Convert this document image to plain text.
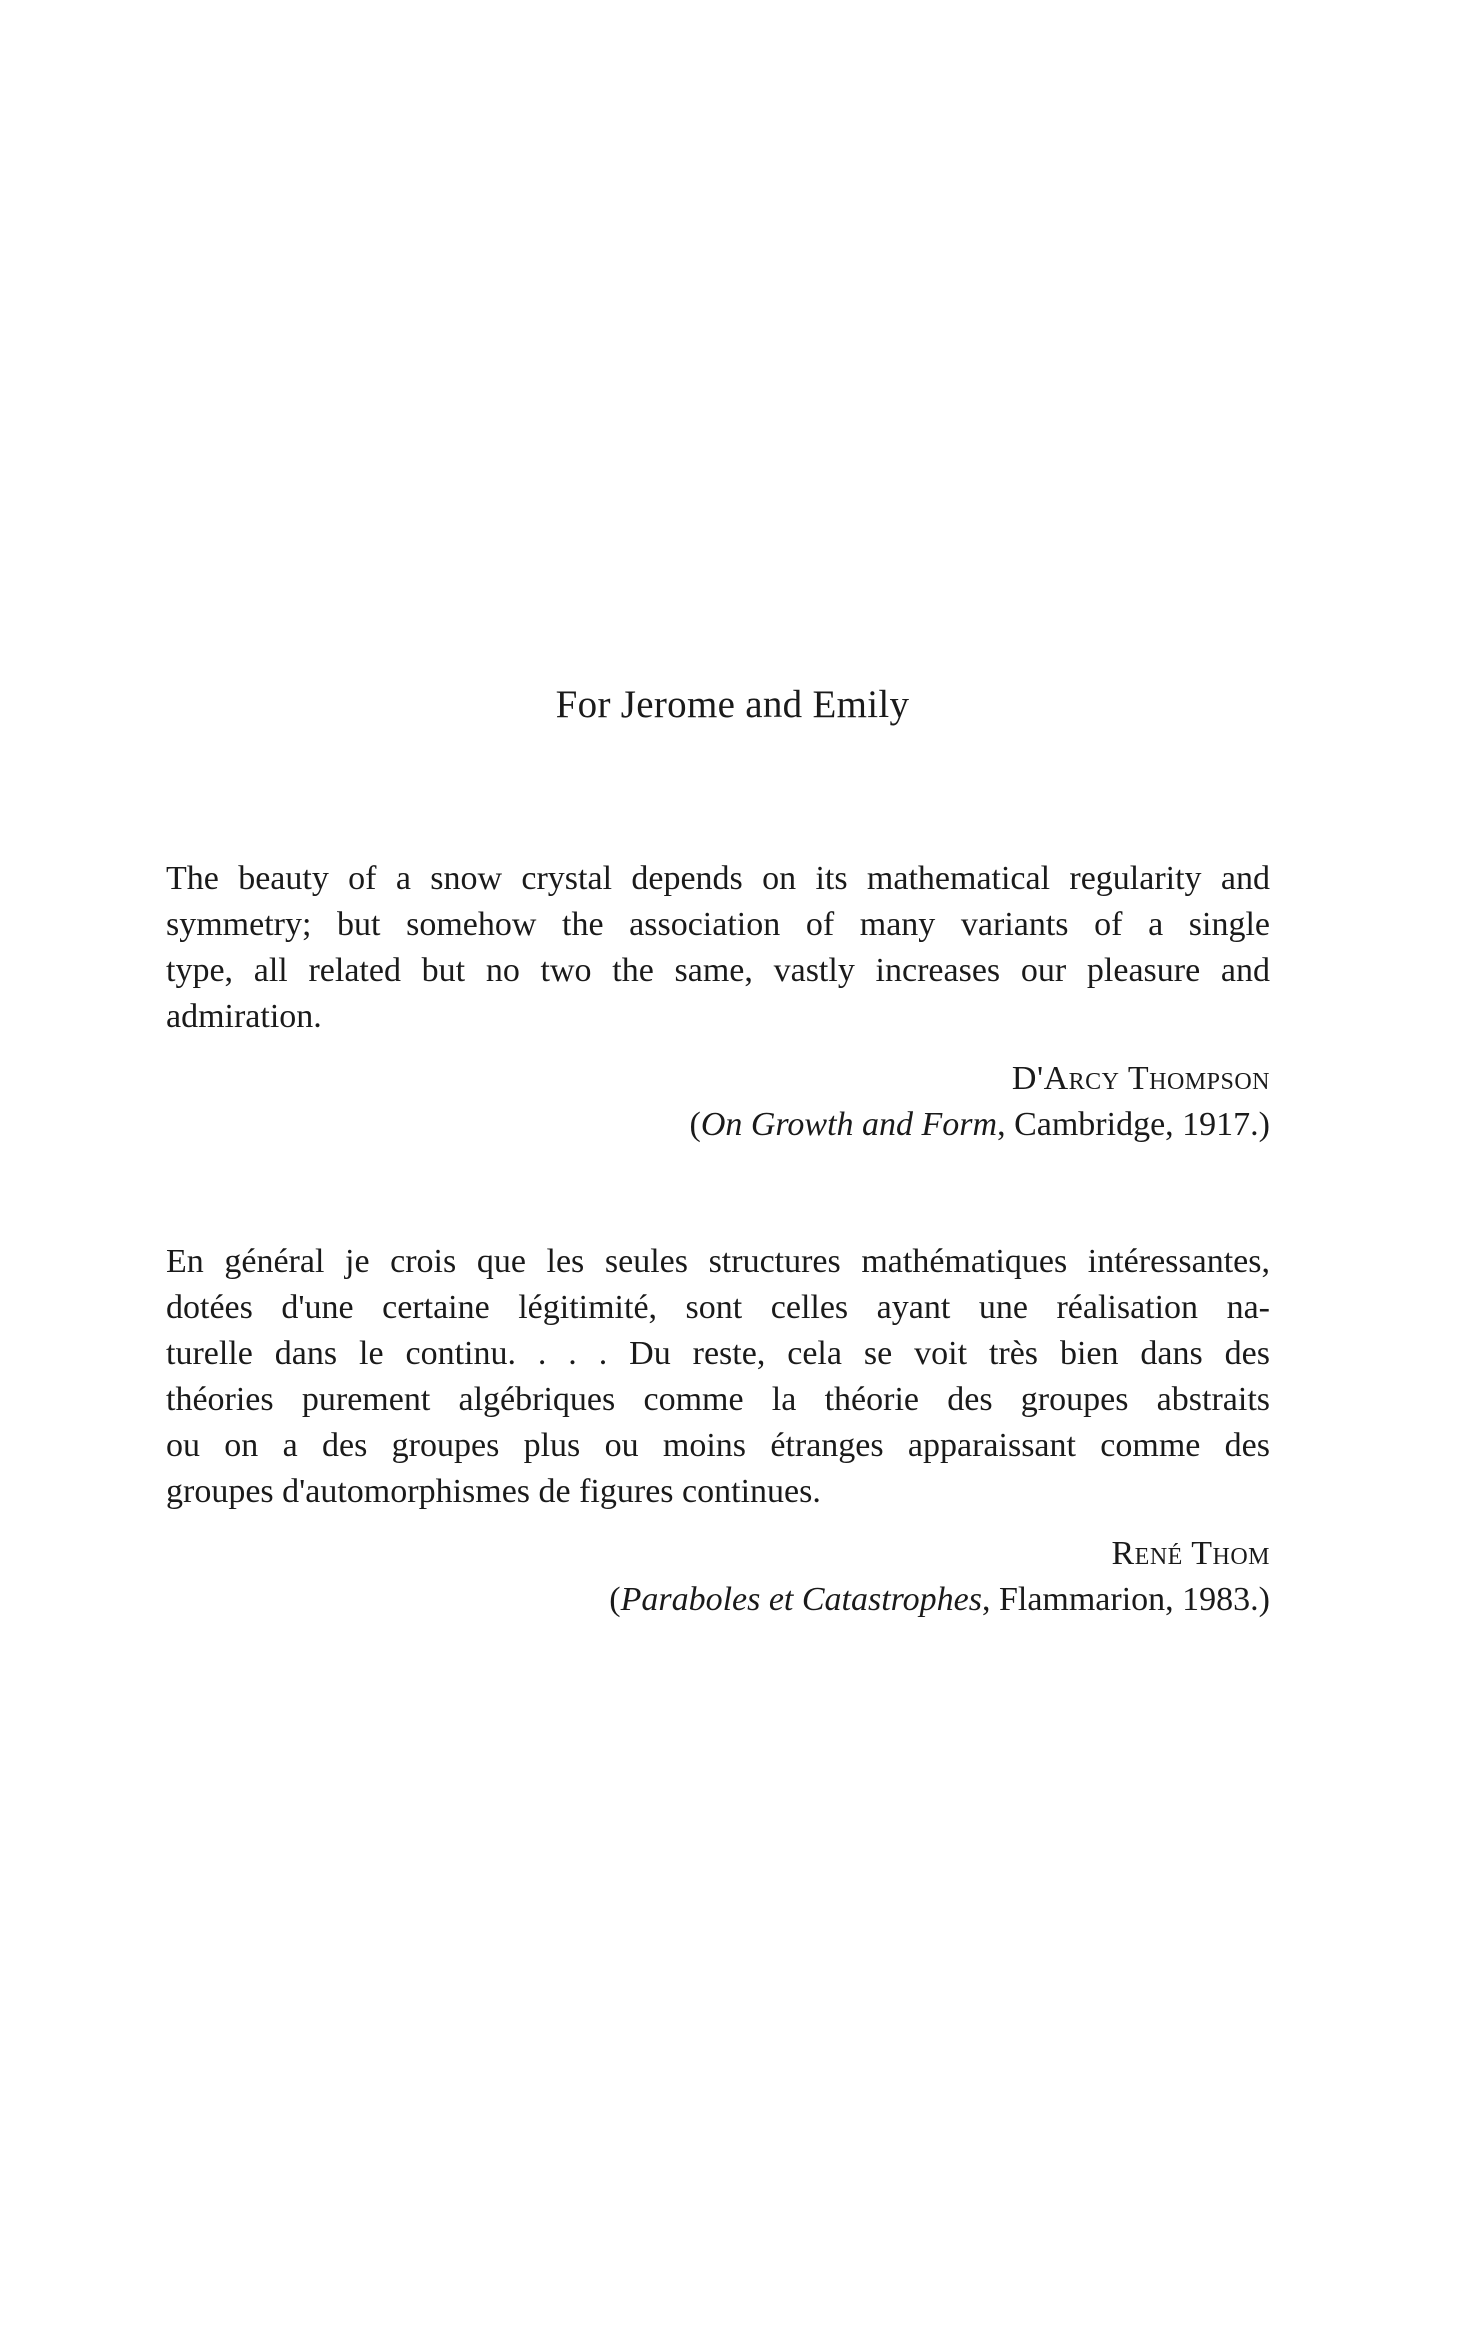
For Jerome and Emily

The beauty of a snow crystal depends on its mathematical regularity and
symmetry; but somehow the association of many variants of a single
type, all related but no two the same, vastly increases our pleasure and
admiration.

D'Arcy Thompson
(On Growth and Form, Cambridge, 1917.)

En général je crois que les seules structures mathématiques intéressantes,
dotées d'une certaine légitimité, sont celles ayant une réalisation na-
turelle dans le continu. . . . Du reste, cela se voit très bien dans des
théories purement algébriques comme la théorie des groupes abstraits
ou on a des groupes plus ou moins étranges apparaissant comme des
groupes d'automorphismes de figures continues.

René Thom
(Paraboles et Catastrophes, Flammarion, 1983.)
